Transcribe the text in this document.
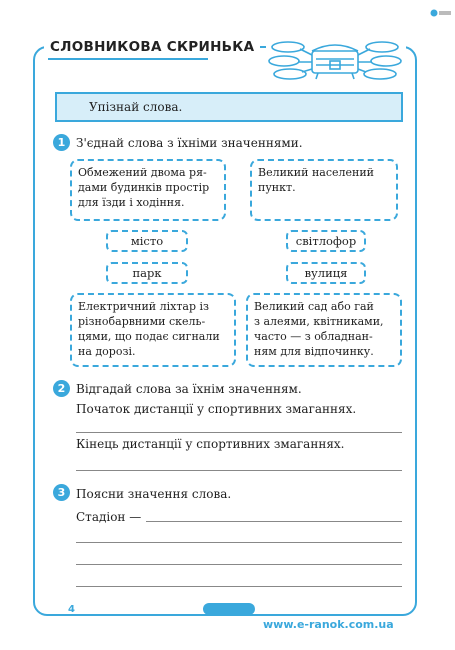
СЛОВНИКОВА СКРИНЬКА
Упізнай слова.
1 З'єднай слова з їхніми значеннями.
Обмежений двома ря-
дами будинків простір
для їзди і ходіння.
Великий населений
пункт.
місто	світлофор
парк	вулиця
Електричний ліхтар із
різнобарвними скель-
цями, що подає сигнали
на дорозі.
Великий сад або гай
з алеями, квітниками,
часто — з обладнан-
ням для відпочинку.
2 Відгадай слова за їхнім значенням.
Початок дистанції у спортивних змаганнях.
Кінець дистанції у спортивних змаганнях.
3 Поясни значення слова.
Стадіон —
4
www.e-ranok.com.ua
